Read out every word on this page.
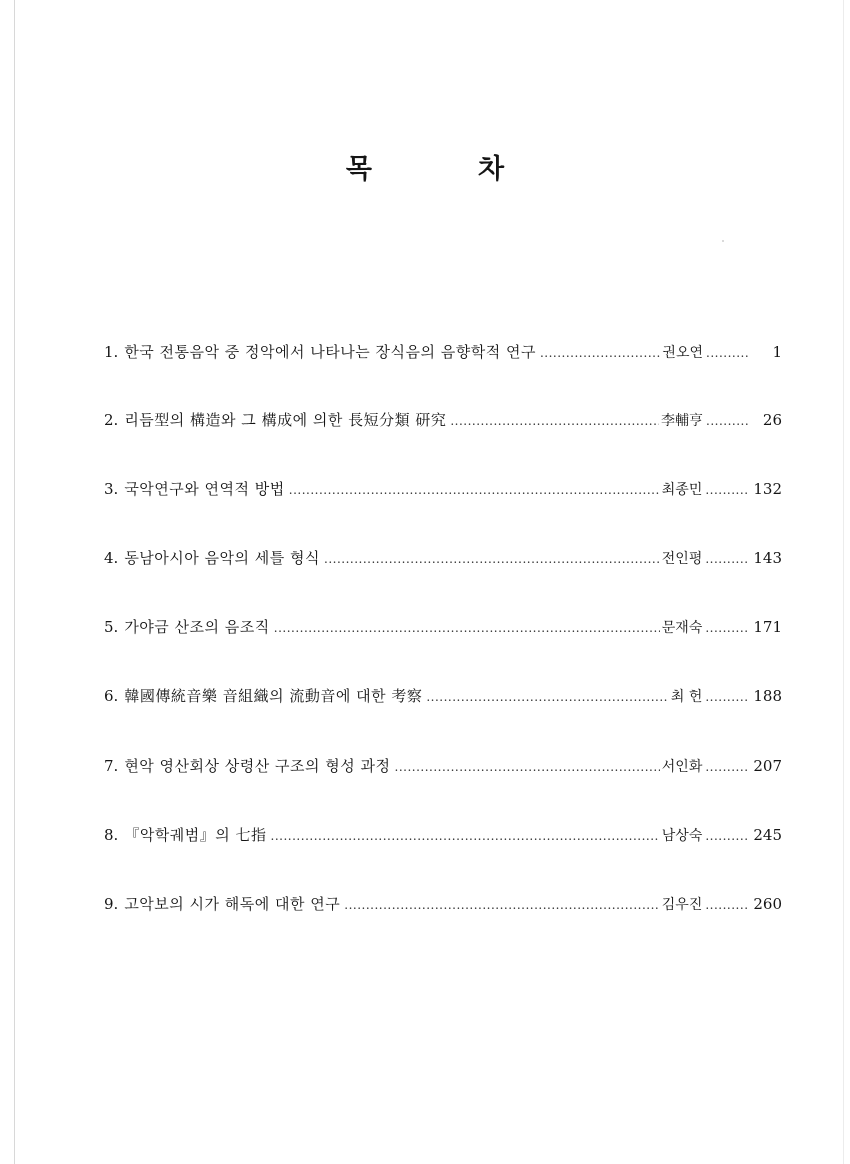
목	차
1. 한국 전통음악 중 정악에서 나타나는 장식음의 음향학적 연구 .....	권오연 .....	1
2. 리듬型의 構造와 그 構成에 의한 長短分類 研究 .....	李輔亨 .....	26
3. 국악연구와 연역적 방법 .....	최종민 .....	132
4. 동남아시아 음악의 세틀 형식 .....	전인평 .....	143
5. 가야금 산조의 음조직 .....	문재숙 .....	171
6. 韓國傳統音樂 音組織의 流動音에 대한 考察 .....	최 헌 .....	188
7. 현악 영산회상 상령산 구조의 형성 과정 .....	서인화 .....	207
8. 『악학궤범』의 七指 .....	남상숙 .....	245
9. 고악보의 시가 해독에 대한 연구 .....	김우진 .....	260
